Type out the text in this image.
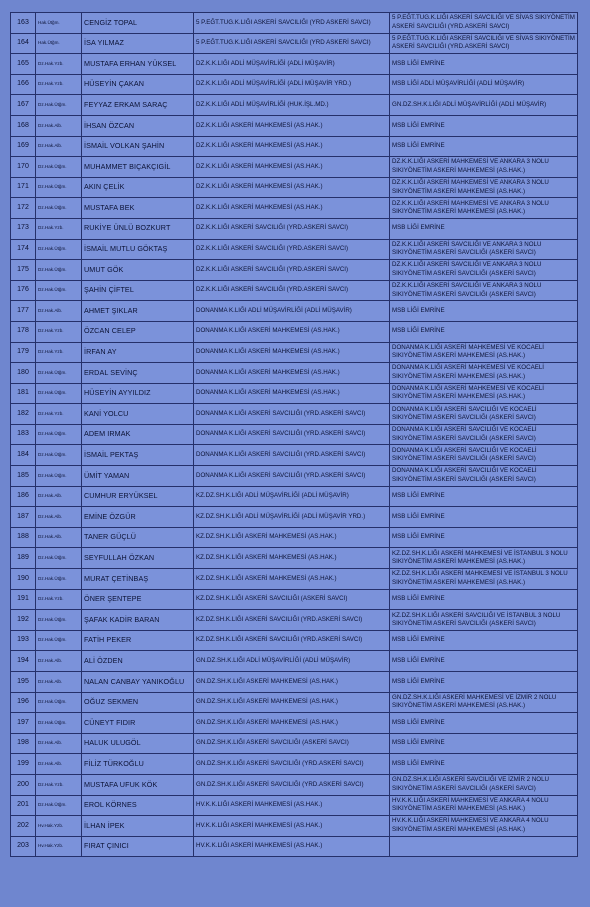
163	Hak.Ütğm.	CENGİZ TOPAL	5 P.EĞT.TUG.K.LIĞI ASKERİ SAVCILIĞI (YRD ASKERİ SAVCI)	5 P.EĞT.TUG.K.LIĞI ASKERİ SAVCILIĞI VE SİVAS SIKIYÖNETİM ASKERİ SAVCILIĞI (YRD.ASKERİ SAVCI)
164	Hak.Ütğm.	İSA YILMAZ	5 P.EĞT.TUG.K.LIĞI ASKERİ SAVCILIĞI (YRD ASKERİ SAVCI)	5 P.EĞT.TUG.K.LIĞI ASKERİ SAVCILIĞI VE SİVAS SIKIYÖNETİM ASKERİ SAVCILIĞI (YRD.ASKERİ SAVCI)
165	Dz.Hak.Yzb.	MUSTAFA ERHAN YÜKSEL	DZ.K.K.LIĞI ADLİ MÜŞAVİRLİĞİ (ADLİ MÜŞAVİR)	MSB LİĞİ EMRİNE
166	Dz.Hak.Yzb.	HÜSEYİN ÇAKAN	DZ.K.K.LIĞI ADLİ MÜŞAVİRLİĞİ (ADLİ MÜŞAVİR YRD.)	MSB LİĞİ ADLİ MÜŞAVİRLİĞİ (ADLİ MÜŞAVİR)
167	Dz.Hak.Ütğm.	FEYYAZ ERKAM SARAÇ	DZ.K.K.LIĞI ADLİ MÜŞAVİRLİĞİ (HUK.İŞL.MD.)	GN.DZ.SH.K.LIĞI ADLİ MÜŞAVİRLİĞİ (ADLİ MÜŞAVİR)
168	Dz.Hak.Alb.	İHSAN ÖZCAN	DZ.K.K.LIĞI ASKERİ MAHKEMESİ (AS.HAK.)	MSB LİĞİ EMRİNE
169	Dz.Hak.Alb.	İSMAİL VOLKAN ŞAHİN	DZ.K.K.LIĞI ASKERİ MAHKEMESİ (AS.HAK.)	MSB LİĞİ EMRİNE
170	Dz.Hak.Ütğm.	MUHAMMET BIÇAKÇIGİL	DZ.K.K.LIĞI ASKERİ MAHKEMESİ (AS.HAK.)	DZ.K.K.LIĞI ASKERİ MAHKEMESİ VE ANKARA 3 NOLU SIKIYÖNETİM ASKERİ MAHKEMESİ (AS.HAK.)
171	Dz.Hak.Ütğm.	AKIN ÇELİK	DZ.K.K.LIĞI ASKERİ MAHKEMESİ (AS.HAK.)	DZ.K.K.LIĞI ASKERİ MAHKEMESİ VE ANKARA 3 NOLU SIKIYÖNETİM ASKERİ MAHKEMESİ (AS.HAK.)
172	Dz.Hak.Ütğm.	MUSTAFA BEK	DZ.K.K.LIĞI ASKERİ MAHKEMESİ (AS.HAK.)	DZ.K.K.LIĞI ASKERİ MAHKEMESİ VE ANKARA 3 NOLU SIKIYÖNETİM ASKERİ MAHKEMESİ (AS.HAK.)
173	Dz.Hak.Yzb.	RUKİYE ÜNLÜ BOZKURT	DZ.K.K.LIĞI ASKERİ SAVCILIĞI (YRD.ASKERİ SAVCI)	MSB LİĞİ EMRİNE
174	Dz.Hak.Ütğm.	İSMAİL MUTLU GÖKTAŞ	DZ.K.K.LIĞI ASKERİ SAVCILIĞI (YRD.ASKERİ SAVCI)	DZ.K.K.LIĞI ASKERİ SAVCILIĞI VE ANKARA 3 NOLU SIKIYÖNETİM ASKERİ SAVCILIĞI (ASKERİ SAVCI)
175	Dz.Hak.Ütğm.	UMUT GÖK	DZ.K.K.LIĞI ASKERİ SAVCILIĞI (YRD.ASKERİ SAVCI)	DZ.K.K.LIĞI ASKERİ SAVCILIĞI VE ANKARA 3 NOLU SIKIYÖNETİM ASKERİ SAVCILIĞI (ASKERİ SAVCI)
176	Dz.Hak.Ütğm.	ŞAHİN ÇİFTEL	DZ.K.K.LIĞI ASKERİ SAVCILIĞI (YRD.ASKERİ SAVCI)	DZ.K.K.LIĞI ASKERİ SAVCILIĞI VE ANKARA 3 NOLU SIKIYÖNETİM ASKERİ SAVCILIĞI (ASKERİ SAVCI)
177	Dz.Hak.Alb.	AHMET ŞIKLAR	DONANMA K.LIĞI ADLİ MÜŞAVİRLİĞİ (ADLİ MÜŞAVİR)	MSB LİĞİ EMRİNE
178	Dz.Hak.Yzb.	ÖZCAN CELEP	DONANMA K.LIĞI ASKERİ MAHKEMESİ (AS.HAK.)	MSB LİĞİ EMRİNE
179	Dz.Hak.Yzb.	İRFAN AY	DONANMA K.LIĞI ASKERİ MAHKEMESİ (AS.HAK.)	DONANMA K.LIĞI ASKERİ MAHKEMESİ VE KOCAELİ SIKIYÖNETİM ASKERİ MAHKEMESİ (AS.HAK.)
180	Dz.Hak.Ütğm.	ERDAL SEVİNÇ	DONANMA K.LIĞI ASKERİ MAHKEMESİ (AS.HAK.)	DONANMA K.LIĞI ASKERİ MAHKEMESİ VE KOCAELİ SIKIYÖNETİM ASKERİ MAHKEMESİ (AS.HAK.)
181	Dz.Hak.Ütğm.	HÜSEYİN AYYILDIZ	DONANMA K.LIĞI ASKERİ MAHKEMESİ (AS.HAK.)	DONANMA K.LIĞI ASKERİ MAHKEMESİ VE KOCAELİ SIKIYÖNETİM ASKERİ MAHKEMESİ (AS.HAK.)
182	Dz.Hak.Yzb.	KANİ YOLCU	DONANMA K.LIĞI ASKERİ SAVCILIĞI (YRD.ASKERİ SAVCI)	DONANMA K.LIĞI ASKERİ SAVCILIĞI VE KOCAELİ SIKIYÖNETİM ASKERİ SAVCILIĞI (ASKERİ SAVCI)
183	Dz.Hak.Ütğm.	ADEM IRMAK	DONANMA K.LIĞI ASKERİ SAVCILIĞI (YRD.ASKERİ SAVCI)	DONANMA K.LIĞI ASKERİ SAVCILIĞI VE KOCAELİ SIKIYÖNETİM ASKERİ SAVCILIĞI (ASKERİ SAVCI)
184	Dz.Hak.Ütğm.	İSMAİL PEKTAŞ	DONANMA K.LIĞI ASKERİ SAVCILIĞI (YRD.ASKERİ SAVCI)	DONANMA K.LIĞI ASKERİ SAVCILIĞI VE KOCAELİ SIKIYÖNETİM ASKERİ SAVCILIĞI (ASKERİ SAVCI)
185	Dz.Hak.Ütğm.	ÜMİT YAMAN	DONANMA K.LIĞI ASKERİ SAVCILIĞI (YRD.ASKERİ SAVCI)	DONANMA K.LIĞI ASKERİ SAVCILIĞI VE KOCAELİ SIKIYÖNETİM ASKERİ SAVCILIĞI (ASKERİ SAVCI)
186	Dz.Hak.Alb.	CUMHUR ERYÜKSEL	KZ.DZ.SH.K.LIĞI ADLİ MÜŞAVİRLİĞİ (ADLİ MÜŞAVİR)	MSB LİĞİ EMRİNE
187	Dz.Hak.Alb.	EMİNE ÖZGÜR	KZ.DZ.SH.K.LIĞI ADLİ MÜŞAVİRLİĞİ (ADLİ MÜŞAVİR YRD.)	MSB LİĞİ EMRİNE
188	Dz.Hak.Alb.	TANER GÜÇLÜ	KZ.DZ.SH.K.LIĞI ASKERİ MAHKEMESİ (AS.HAK.)	MSB LİĞİ EMRİNE
189	Dz.Hak.Ütğm.	SEYFULLAH ÖZKAN	KZ.DZ.SH.K.LIĞI ASKERİ MAHKEMESİ (AS.HAK.)	KZ.DZ.SH.K.LIĞI ASKERİ MAHKEMESİ VE İSTANBUL 3 NOLU SIKIYÖNETİM ASKERİ MAHKEMESİ (AS.HAK.)
190	Dz.Hak.Ütğm.	MURAT ÇETİNBAŞ	KZ.DZ.SH.K.LIĞI ASKERİ MAHKEMESİ (AS.HAK.)	KZ.DZ.SH.K.LIĞI ASKERİ MAHKEMESİ VE İSTANBUL 3 NOLU SIKIYÖNETİM ASKERİ MAHKEMESİ (AS.HAK.)
191	Dz.Hak.Yzb.	ÖNER ŞENTEPE	KZ.DZ.SH.K.LIĞI ASKERİ SAVCILIĞI (ASKERİ SAVCI)	MSB LİĞİ EMRİNE
192	Dz.Hak.Ütğm.	ŞAFAK KADİR BARAN	KZ.DZ.SH.K.LIĞI ASKERİ SAVCILIĞI (YRD.ASKERİ SAVCI)	KZ.DZ.SH.K.LIĞI ASKERİ SAVCILIĞI VE İSTANBUL 3 NOLU SIKIYÖNETİM ASKERİ SAVCILIĞI (ASKERİ SAVCI)
193	Dz.Hak.Ütğm.	FATİH PEKER	KZ.DZ.SH.K.LIĞI ASKERİ SAVCILIĞI (YRD.ASKERİ SAVCI)	MSB LİĞİ EMRİNE
194	Dz.Hak.Alb.	ALİ ÖZDEN	GN.DZ.SH.K.LIĞI ADLİ MÜŞAVİRLİĞİ (ADLİ MÜŞAVİR)	MSB LİĞİ EMRİNE
195	Dz.Hak.Alb.	NALAN CANBAY YANIKOĞLU	GN.DZ.SH.K.LIĞI ASKERİ MAHKEMESİ (AS.HAK.)	MSB LİĞİ EMRİNE
196	Dz.Hak.Ütğm.	OĞUZ SEKMEN	GN.DZ.SH.K.LIĞI ASKERİ MAHKEMESİ (AS.HAK.)	GN.DZ.SH.K.LIĞI ASKERİ MAHKEMESİ VE İZMİR 2 NOLU SIKIYÖNETİM ASKERİ MAHKEMESİ (AS.HAK.)
197	Dz.Hak.Ütğm.	CÜNEYT FIDIR	GN.DZ.SH.K.LIĞI ASKERİ MAHKEMESİ (AS.HAK.)	MSB LİĞİ EMRİNE
198	Dz.Hak.Alb.	HALUK ULUGÖL	GN.DZ.SH.K.LIĞI ASKERİ SAVCILIĞI (ASKERİ SAVCI)	MSB LİĞİ EMRİNE
199	Dz.Hak.Alb.	FİLİZ TÜRKOĞLU	GN.DZ.SH.K.LIĞI ASKERİ SAVCILIĞI (YRD.ASKERİ SAVCI)	MSB LİĞİ EMRİNE
200	Dz.Hak.Yzb.	MUSTAFA UFUK KÖK	GN.DZ.SH.K.LIĞI ASKERİ SAVCILIĞI (YRD.ASKERİ SAVCI)	GN.DZ.SH.K.LIĞI ASKERİ SAVCILIĞI VE İZMİR 2 NOLU SIKIYÖNETİM ASKERİ SAVCILIĞI (ASKERİ SAVCI)
201	Dz.Hak.Ütğm.	EROL KÖRNES	HV.K.K.LIĞI ASKERİ MAHKEMESİ (AS.HAK.)	HV.K.K.LIĞI ASKERİ MAHKEMESİ VE ANKARA 4 NOLU SIKIYÖNETİM ASKERİ MAHKEMESİ (AS.HAK.)
202	Hv.Hak.Yzb.	İLHAN İPEK	HV.K.K.LIĞI ASKERİ MAHKEMESİ (AS.HAK.)	HV.K.K.LIĞI ASKERİ MAHKEMESİ VE ANKARA 4 NOLU SIKIYÖNETİM ASKERİ MAHKEMESİ (AS.HAK.)
203	Hv.Hak.Yzb.	FIRAT ÇINICI	HV.K.K.LIĞI ASKERİ MAHKEMESİ (AS.HAK.)	
